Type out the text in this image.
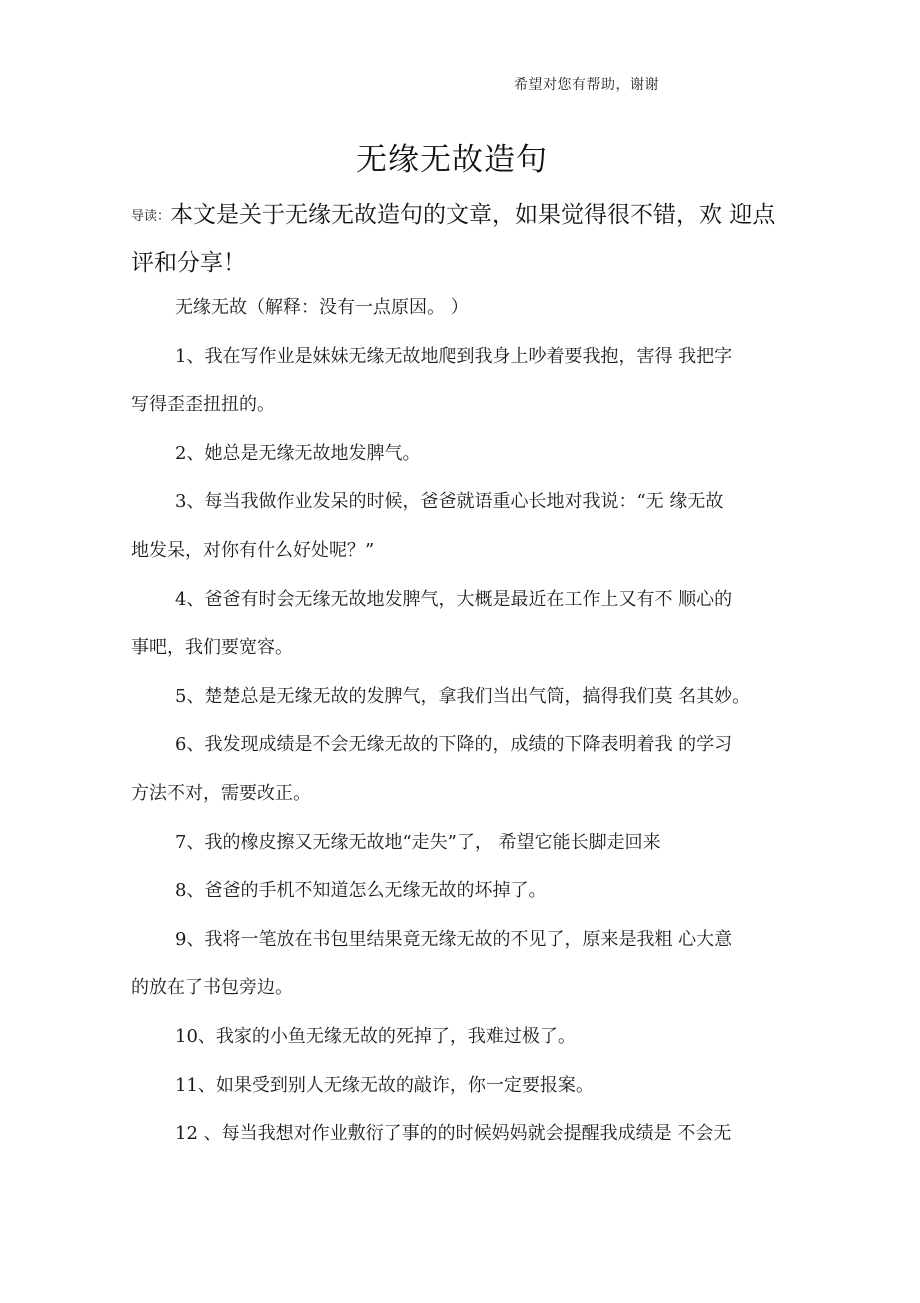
希望对您有帮助，谢谢
无缘无故造句
导读：本文是关于无缘无故造句的文章，如果觉得很不错，欢 迎点评和分享！
无缘无故（解释：没有一点原因。 ）
1、我在写作业是妹妹无缘无故地爬到我身上吵着要我抱，害得 我把字
写得歪歪扭扭的。
2、她总是无缘无故地发脾气。
3、每当我做作业发呆的时候，爸爸就语重心长地对我说：“无 缘无故
地发呆，对你有什么好处呢？”
4、爸爸有时会无缘无故地发脾气，大概是最近在工作上又有不 顺心的
事吧，我们要宽容。
5、楚楚总是无缘无故的发脾气，拿我们当出气筒，搞得我们莫 名其妙。
6、我发现成绩是不会无缘无故的下降的，成绩的下降表明着我 的学习
方法不对，需要改正。
7、我的橡皮擦又无缘无故地“走失”了， 希望它能长脚走回来
8、爸爸的手机不知道怎么无缘无故的坏掉了。
9、我将一笔放在书包里结果竟无缘无故的不见了，原来是我粗 心大意
的放在了书包旁边。
10、我家的小鱼无缘无故的死掉了，我难过极了。
11、如果受到别人无缘无故的敲诈，你一定要报案。
12 、每当我想对作业敷衍了事的的时候妈妈就会提醒我成绩是 不会无
